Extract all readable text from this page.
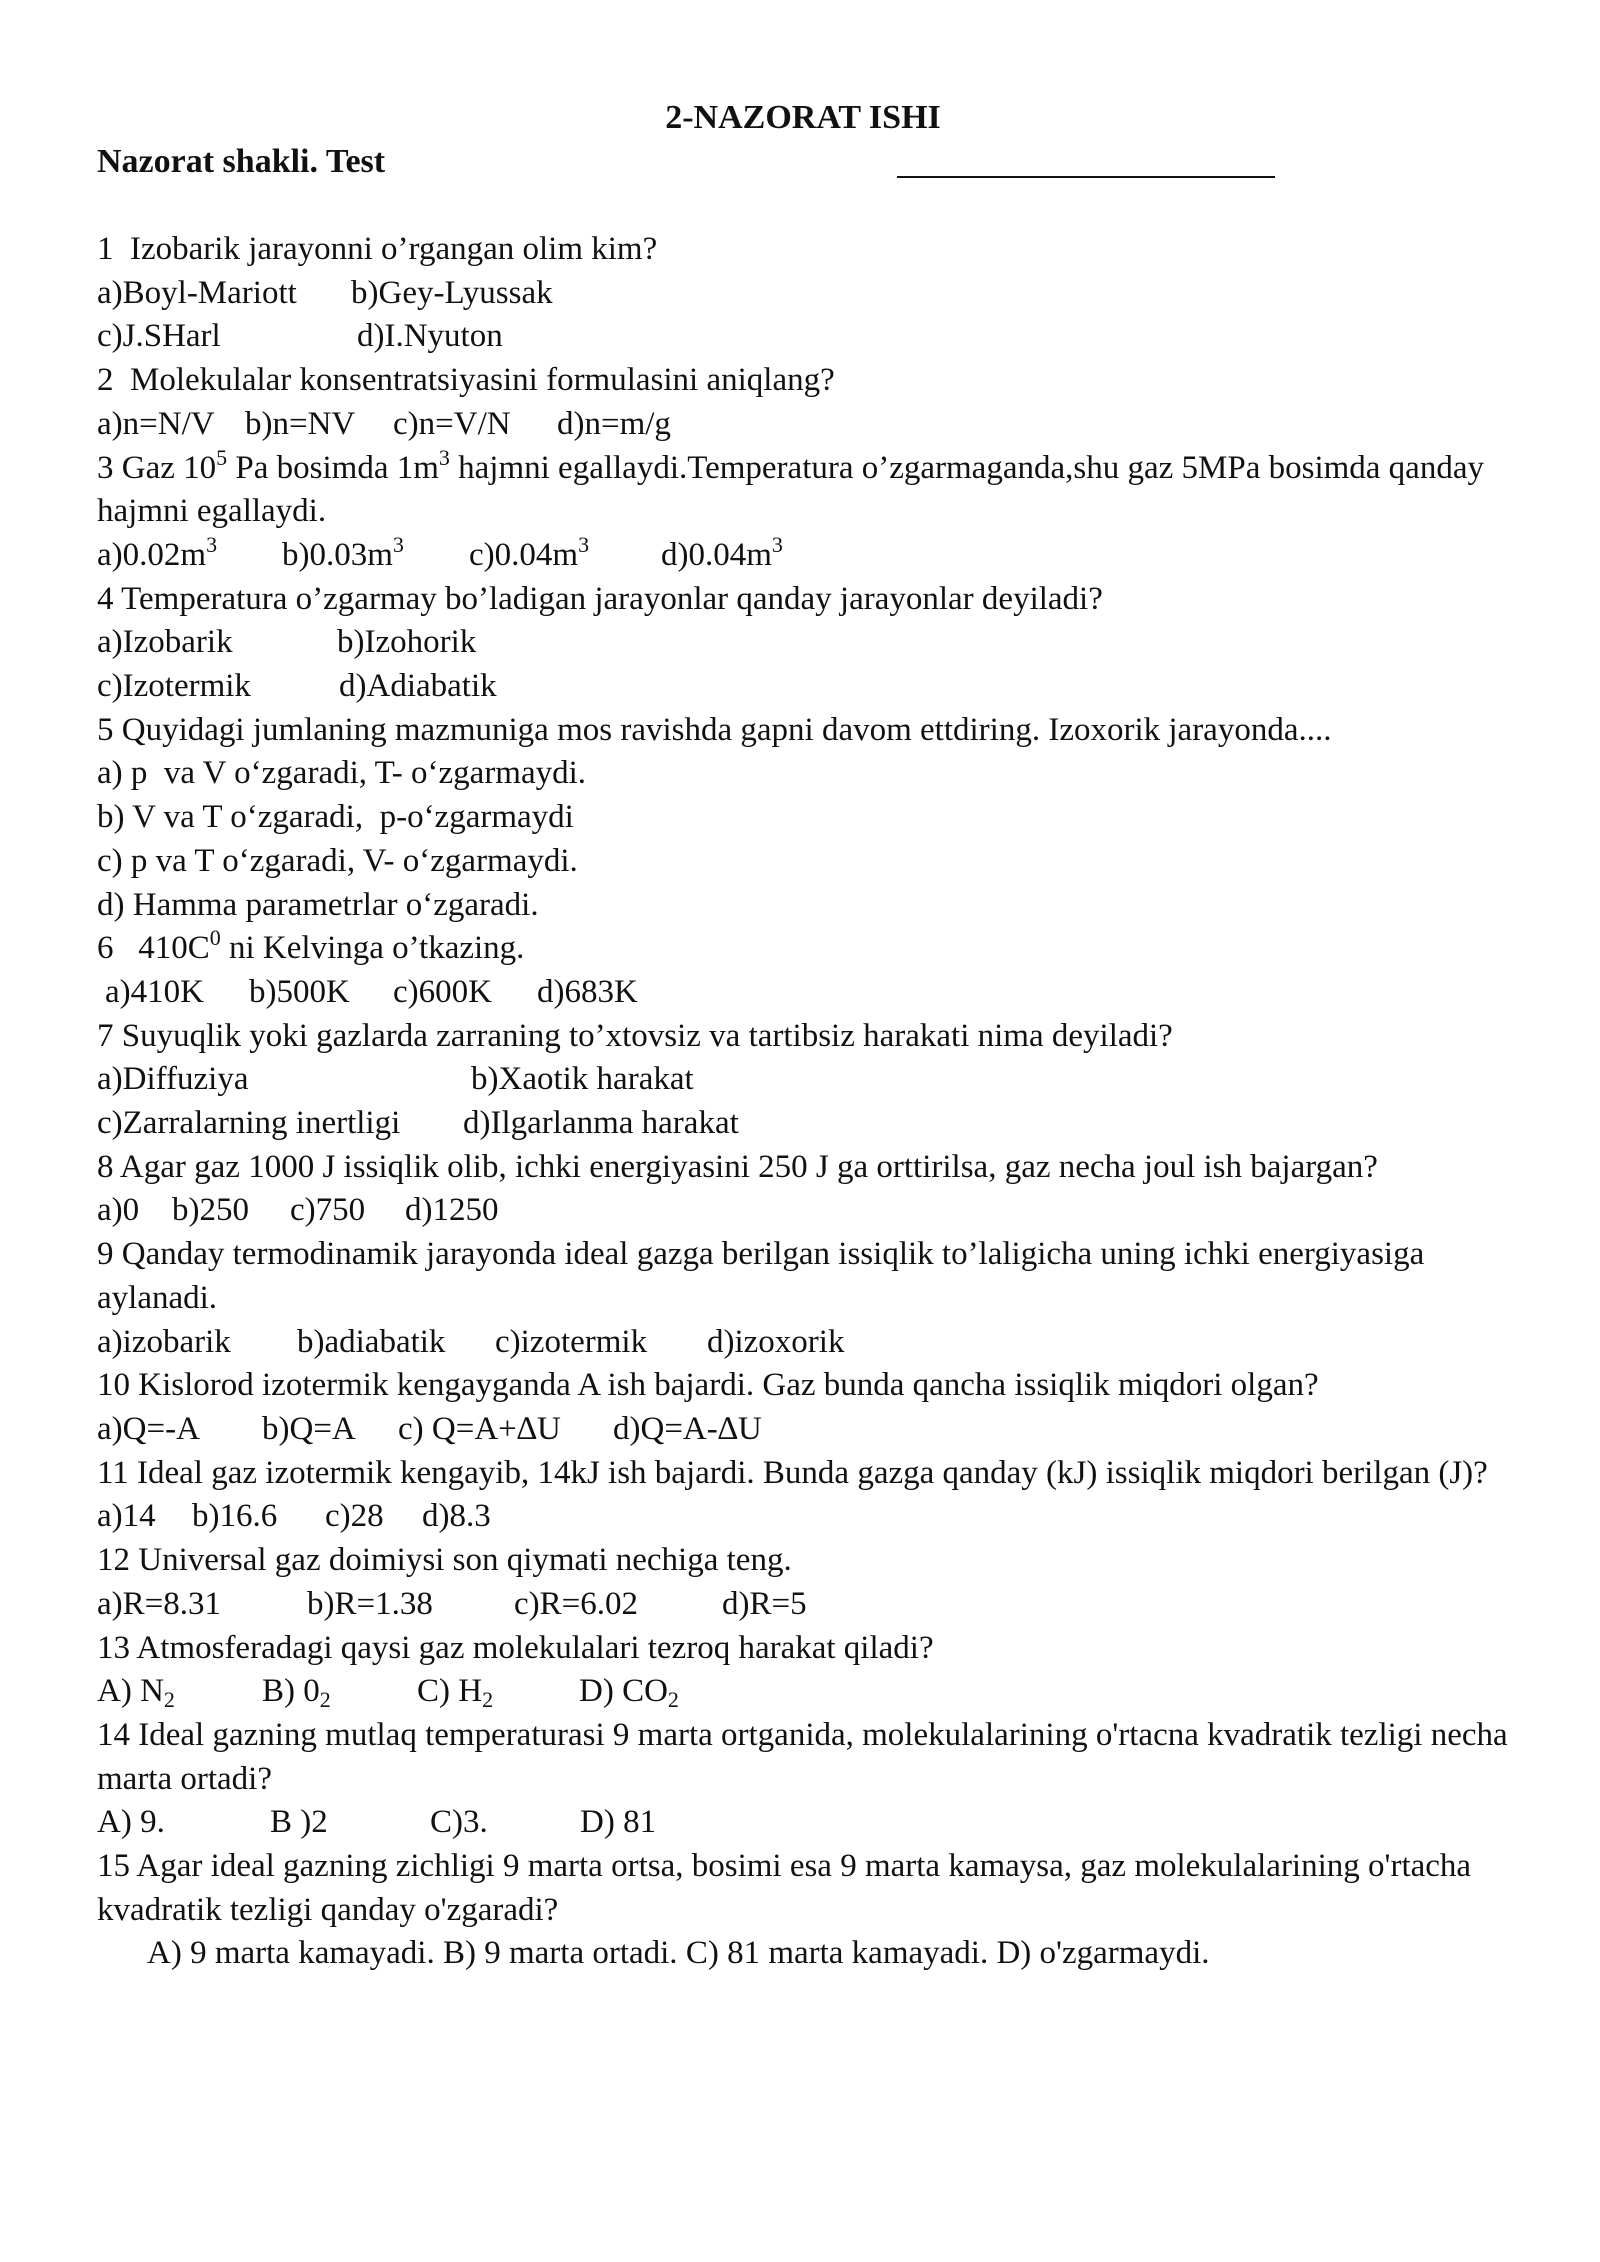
2-NAZORAT ISHI
Nazorat shakli. Test
1  Izobarik jarayonni o’rgangan olim kim?
a)Boyl-Mariott b)Gey-Lyussak
c)J.SHarl	d)I.Nyuton
2  Molekulalar konsentratsiyasini formulasini aniqlang?
a)n=N/V b)n=NV c)n=V/N d)n=m/g
3 Gaz $10^5$ Pa bosimda $1m^3$ hajmni egallaydi.Temperatura o’zgarmaganda,shu gaz 5MPa bosimda qanday hajmni egallaydi.
$a)0.02m^3$ $b)0.03m^3$ $c)0.04m^3$ $d)0.04m^3$
4 Temperatura o’zgarmay bo’ladigan jarayonlar qanday jarayonlar deyiladi?
a)Izobarik	b)Izohorik
c)Izotermik	d)Adiabatik
5 Quyidagi jumlaning mazmuniga mos ravishda gapni davom ettdiring. Izoxorik jarayonda....
a) p  va V o‘zgaradi, T- o‘zgarmaydi.
b) V va T o‘zgaradi,  p-o‘zgarmaydi
c) p va T o‘zgaradi, V- o‘zgarmaydi.
d) Hamma parametrlar o‘zgaradi.
6   $410C^0$ ni Kelvinga o’tkazing.
a)410K b)500K c)600K d)683K
7 Suyuqlik yoki gazlarda zarraning to’xtovsiz va tartibsiz harakati nima deyiladi?
a)Diffuziya	b)Xaotik harakat
c)Zarralarning inertligi d)Ilgarlanma harakat
8 Agar gaz 1000 J issiqlik olib, ichki energiyasini 250 J ga orttirilsa, gaz necha joul ish bajargan?
a)0 b)250 c)750 d)1250
9 Qanday termodinamik jarayonda ideal gazga berilgan issiqlik to’laligicha uning ichki energiyasiga aylanadi.
a)izobarik b)adiabatik c)izotermik d)izoxorik
10 Kislorod izotermik kengayganda A ish bajardi. Gaz bunda qancha issiqlik miqdori olgan?
a)Q=-A b)Q=A c) Q=A+∆U d)Q=A-∆U
11 Ideal gaz izotermik kengayib, 14kJ ish bajardi. Bunda gazga qanday (kJ) issiqlik miqdori berilgan (J)?
a)14 b)16.6 c)28 d)8.3
12 Universal gaz doimiysi son qiymati nechiga teng.
a)R=8.31	b)R=1.38 c)R=6.02	d)R=5
13 Atmosferadagi qaysi gaz molekulalari tezroq harakat qiladi?
A) $N_2$	B) $0_2$	C) $H_2$	D) $CO_2$
14 Ideal gazning mutlaq temperaturasi 9 marta ortganida, molekulalarining o'rtacna kvadratik tezligi necha marta ortadi?
A) 9.	B )2	C)3.	D) 81
15 Agar ideal gazning zichligi 9 marta ortsa, bosimi esa 9 marta kamaysa, gaz molekulalarining o'rtacha kvadratik tezligi qanday o'zgaradi?
A) 9 marta kamayadi. B) 9 marta ortadi. C) 81 marta kamayadi. D) o'zgarmaydi.
